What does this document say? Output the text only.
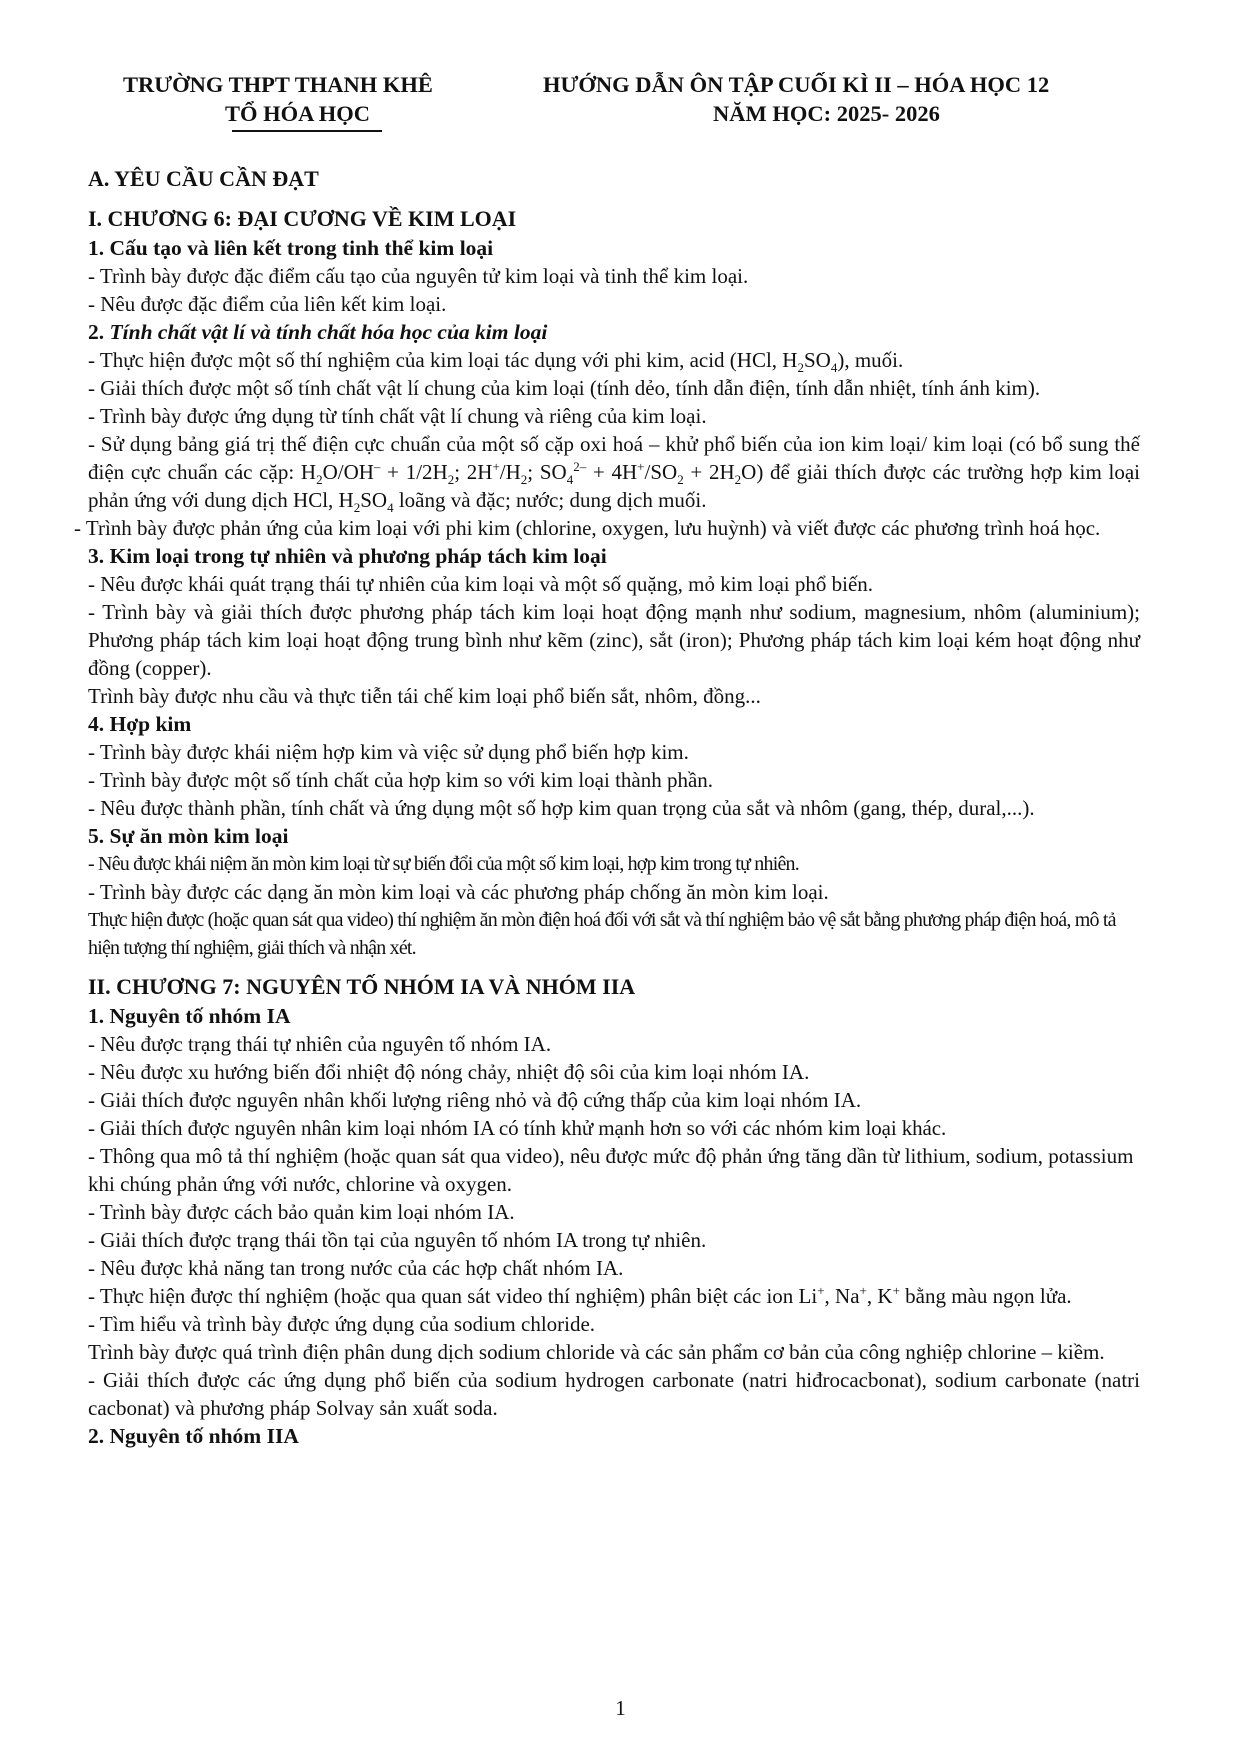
TRƯỜNG THPT THANH KHÊ
TỔ HÓA HỌC
HƯỚNG DẪN ÔN TẬP CUỐI KÌ II – HÓA HỌC 12
NĂM HỌC: 2025- 2026
A. YÊU CẦU CẦN ĐẠT
I. CHƯƠNG 6: ĐẠI CƯƠNG VỀ KIM LOẠI
1. Cấu tạo và liên kết trong tinh thể kim loại
- Trình bày được đặc điểm cấu tạo của nguyên tử kim loại và tinh thể kim loại.
- Nêu được đặc điểm của liên kết kim loại.
2. Tính chất vật lí và tính chất hóa học của kim loại
- Thực hiện được một số thí nghiệm của kim loại tác dụng với phi kim, acid (HCl, $H_2SO_4$), muối.
- Giải thích được một số tính chất vật lí chung của kim loại (tính dẻo, tính dẫn điện, tính dẫn nhiệt, tính ánh kim).
- Trình bày được ứng dụng từ tính chất vật lí chung và riêng của kim loại.
- Sử dụng bảng giá trị thế điện cực chuẩn của một số cặp oxi hoá – khử phổ biến của ion kim loại/ kim loại (có bổ sung thế điện cực chuẩn các cặp: $H_2O/OH^- + 1/2H_2$; $2H^+/H_2$; $SO_4^{2-} + 4H^+/SO_2 + 2H_2O$) để giải thích được các trường hợp kim loại phản ứng với dung dịch HCl, $H_2SO_4$ loãng và đặc; nước; dung dịch muối.
- Trình bày được phản ứng của kim loại với phi kim (chlorine, oxygen, lưu huỳnh) và viết được các phương trình hoá học.
3. Kim loại trong tự nhiên và phương pháp tách kim loại
- Nêu được khái quát trạng thái tự nhiên của kim loại và một số quặng, mỏ kim loại phổ biến.
- Trình bày và giải thích được phương pháp tách kim loại hoạt động mạnh như sodium, magnesium, nhôm (aluminium); Phương pháp tách kim loại hoạt động trung bình như kẽm (zinc), sắt (iron); Phương pháp tách kim loại kém hoạt động như đồng (copper).
Trình bày được nhu cầu và thực tiễn tái chế kim loại phổ biến sắt, nhôm, đồng...
4. Hợp kim
- Trình bày được khái niệm hợp kim và việc sử dụng phổ biến hợp kim.
- Trình bày được một số tính chất của hợp kim so với kim loại thành phần.
- Nêu được thành phần, tính chất và ứng dụng một số hợp kim quan trọng của sắt và nhôm (gang, thép, dural,...).
5. Sự ăn mòn kim loại
- Nêu được khái niệm ăn mòn kim loại từ sự biến đổi của một số kim loại, hợp kim trong tự nhiên.
- Trình bày được các dạng ăn mòn kim loại và các phương pháp chống ăn mòn kim loại.
Thực hiện được (hoặc quan sát qua video) thí nghiệm ăn mòn điện hoá đối với sắt và thí nghiệm bảo vệ sắt bằng phương pháp điện hoá, mô tả hiện tượng thí nghiệm, giải thích và nhận xét.
II. CHƯƠNG 7: NGUYÊN TỐ NHÓM IA VÀ NHÓM IIA
1. Nguyên tố nhóm IA
- Nêu được trạng thái tự nhiên của nguyên tố nhóm IA.
- Nêu được xu hướng biến đổi nhiệt độ nóng chảy, nhiệt độ sôi của kim loại nhóm IA.
- Giải thích được nguyên nhân khối lượng riêng nhỏ và độ cứng thấp của kim loại nhóm IA.
- Giải thích được nguyên nhân kim loại nhóm IA có tính khử mạnh hơn so với các nhóm kim loại khác.
- Thông qua mô tả thí nghiệm (hoặc quan sát qua video), nêu được mức độ phản ứng tăng dần từ lithium, sodium, potassium khi chúng phản ứng với nước, chlorine và oxygen.
- Trình bày được cách bảo quản kim loại nhóm IA.
- Giải thích được trạng thái tồn tại của nguyên tố nhóm IA trong tự nhiên.
- Nêu được khả năng tan trong nước của các hợp chất nhóm IA.
- Thực hiện được thí nghiệm (hoặc qua quan sát video thí nghiệm) phân biệt các ion Li+, Na+, K+ bằng màu ngọn lửa.
- Tìm hiểu và trình bày được ứng dụng của sodium chloride.
Trình bày được quá trình điện phân dung dịch sodium chloride và các sản phẩm cơ bản của công nghiệp chlorine – kiềm.
- Giải thích được các ứng dụng phổ biến của sodium hydrogen carbonate (natri hiđrocacbonat), sodium carbonate (natri cacbonat) và phương pháp Solvay sản xuất soda.
2. Nguyên tố nhóm IIA
1
